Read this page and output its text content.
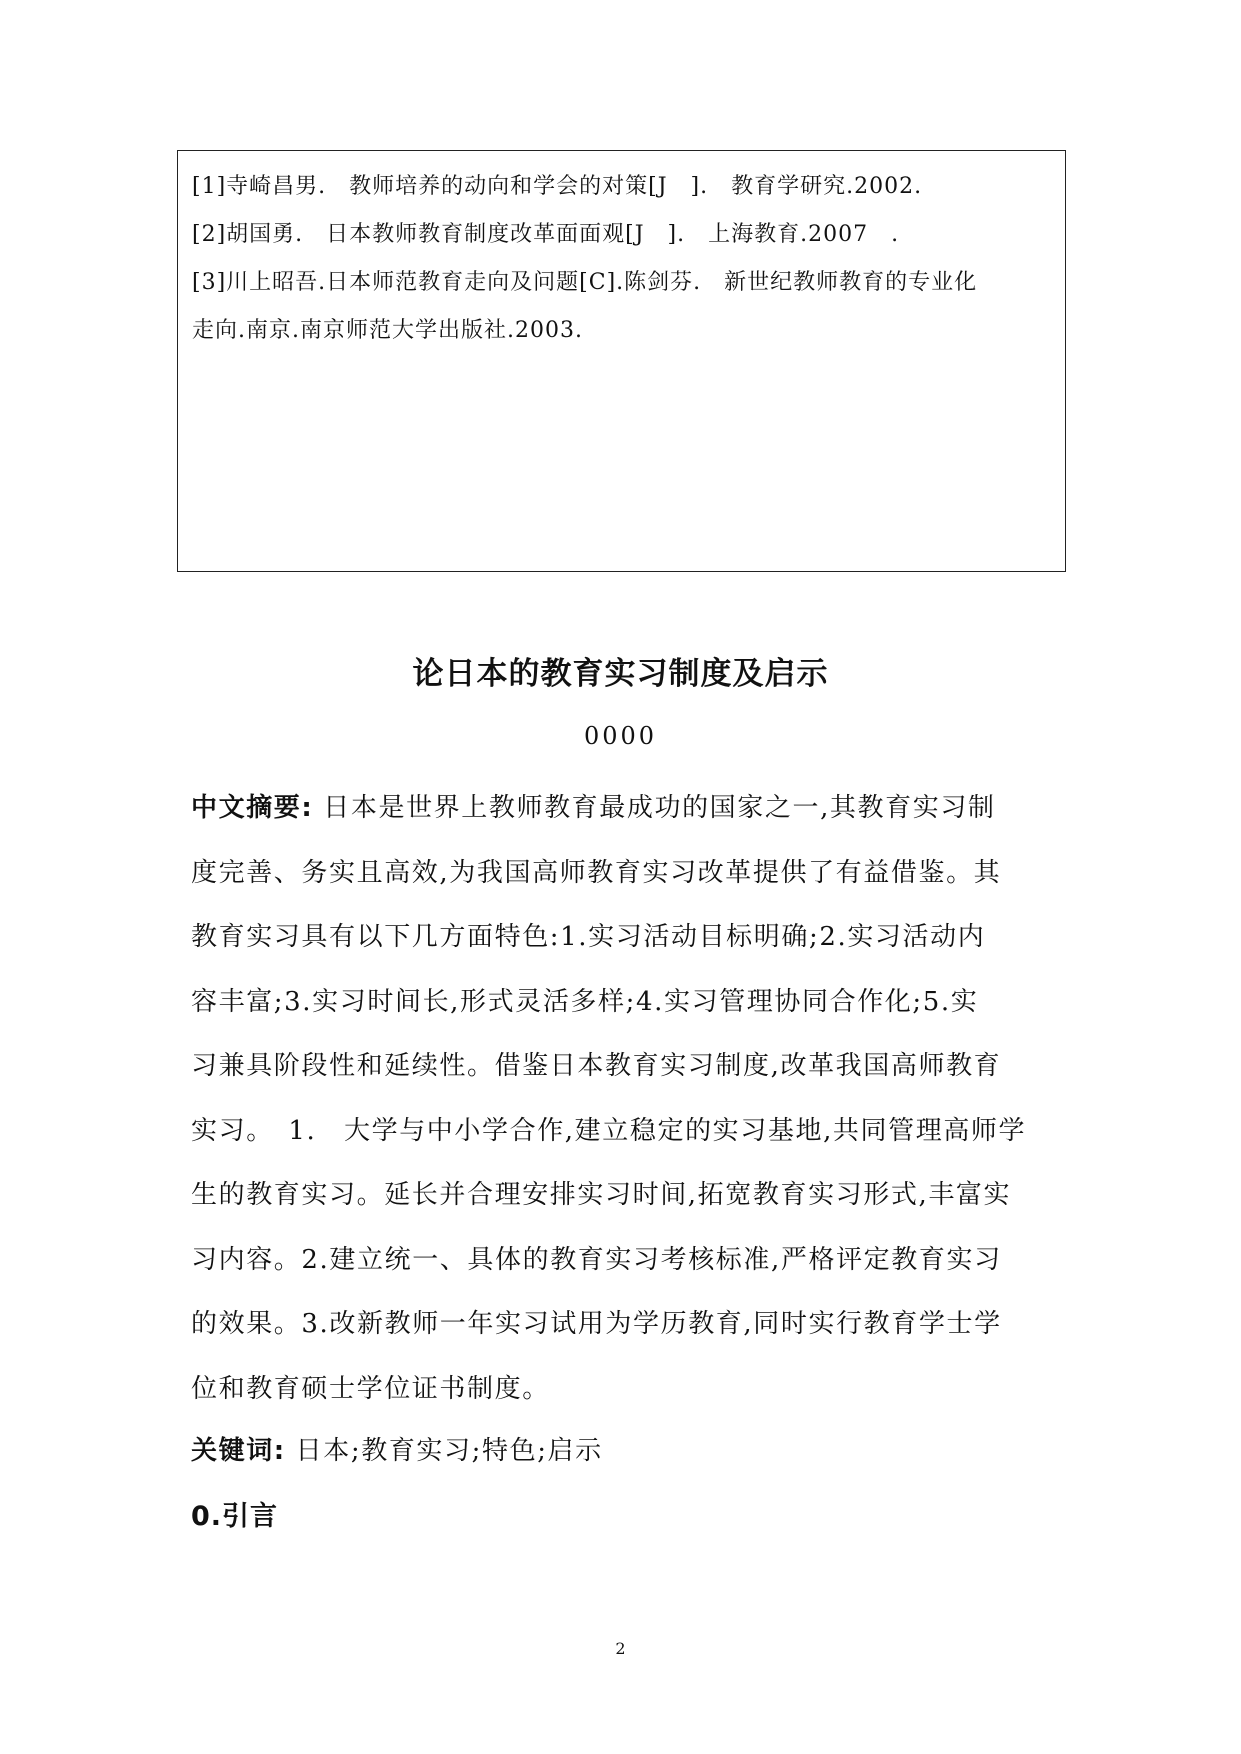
[1]寺崎昌男.　教师培养的动向和学会的对策[J　].　教育学研究.2002.
[2]胡国勇.　日本教师教育制度改革面面观[J　].　上海教育.2007　.
[3]川上昭吾.日本师范教育走向及问题[C].陈剑芬.　新世纪教师教育的专业化
走向.南京.南京师范大学出版社.2003.
论日本的教育实习制度及启示
0000
中文摘要: 日本是世界上教师教育最成功的国家之一,其教育实习制
度完善、务实且高效,为我国高师教育实习改革提供了有益借鉴。其
教育实习具有以下几方面特色:1.实习活动目标明确;2.实习活动内
容丰富;3.实习时间长,形式灵活多样;4.实习管理协同合作化;5.实
习兼具阶段性和延续性。借鉴日本教育实习制度,改革我国高师教育
实习。　1.　大学与中小学合作,建立稳定的实习基地,共同管理高师学
生的教育实习。延长并合理安排实习时间,拓宽教育实习形式,丰富实
习内容。2.建立统一、具体的教育实习考核标准,严格评定教育实习
的效果。3.改新教师一年实习试用为学历教育,同时实行教育学士学
位和教育硕士学位证书制度。
关键词: 日本;教育实习;特色;启示
0.引言
2
